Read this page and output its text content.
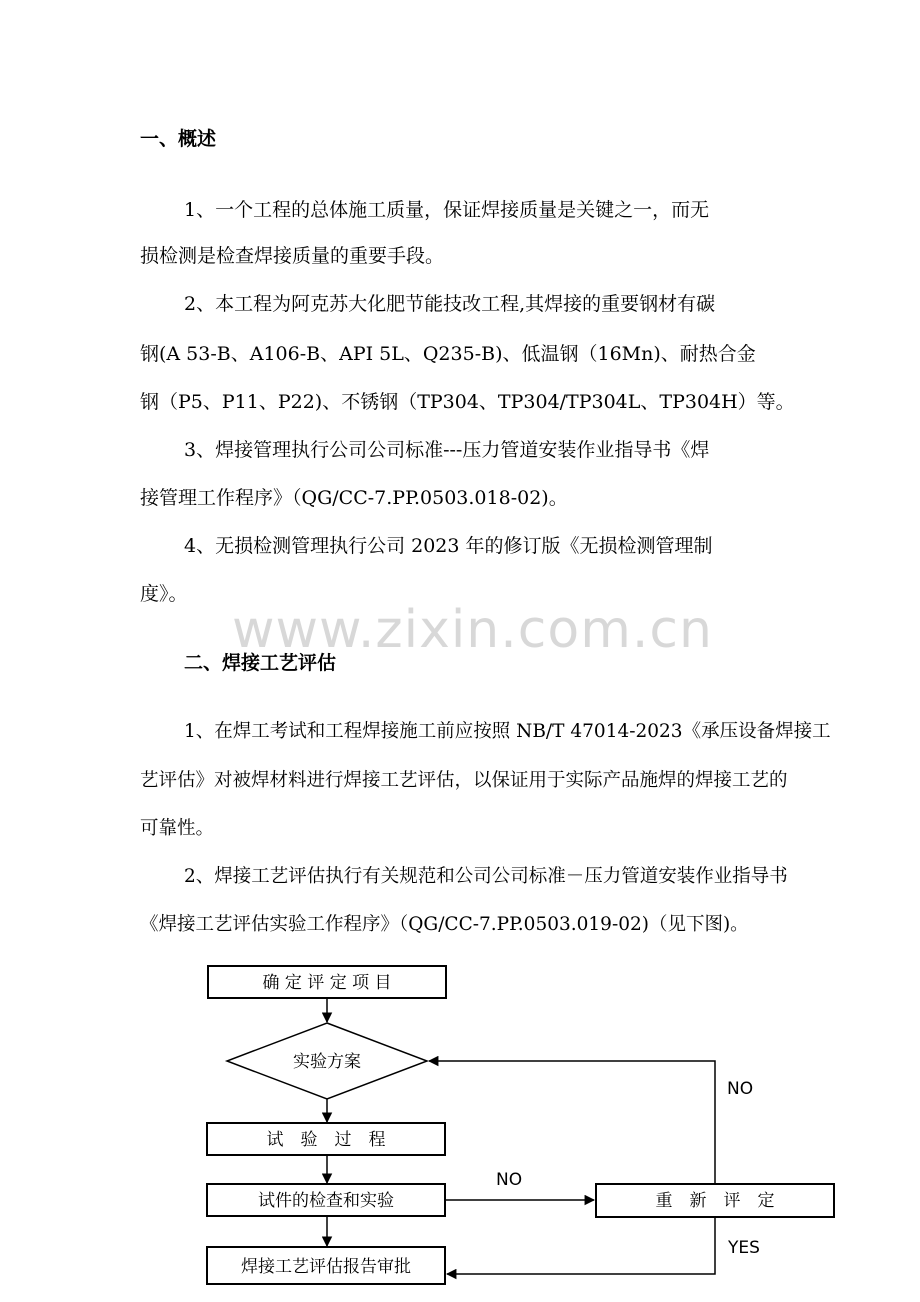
一、概述
1、一个工程的总体施工质量，保证焊接质量是关键之一，而无
损检测是检查焊接质量的重要手段。
2、本工程为阿克苏大化肥节能技改工程,其焊接的重要钢材有碳
钢(A 53-B、A106-B、API 5L、Q235-B)、低温钢（16Mn)、耐热合金
钢（P5、P11、P22)、不锈钢（TP304、TP304/TP304L、TP304H）等。
3、焊接管理执行公司公司标准---压力管道安装作业指导书《焊
接管理工作程序》（QG/CC-7.PP.0503.018-02)。
4、无损检测管理执行公司 2023 年的修订版《无损检测管理制
度》。
www.zixin.com.cn
二、焊接工艺评估
1、在焊工考试和工程焊接施工前应按照 NB/T 47014-2023《承压设备焊接工
艺评估》对被焊材料进行焊接工艺评估，以保证用于实际产品施焊的焊接工艺的
可靠性。
2、焊接工艺评估执行有关规范和公司公司标准－压力管道安装作业指导书
《焊接工艺评估实验工作程序》（QG/CC-7.PP.0503.019-02)（见下图)。
确 定 评 定 项 目
实验方案
试　验　过　程
试件的检查和实验
焊接工艺评估报告审批
重　新　评　定
NO
NO
YES
